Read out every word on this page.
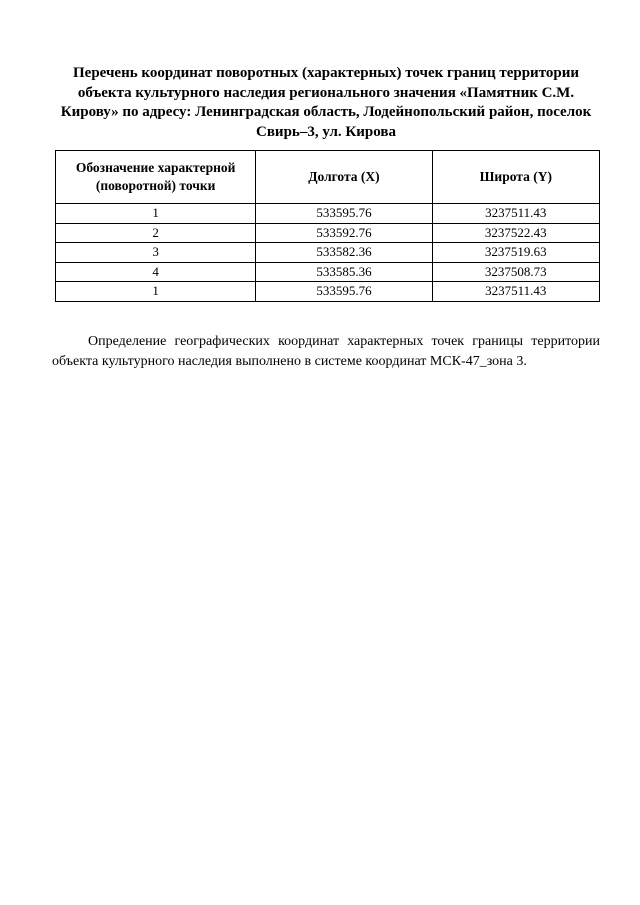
Перечень координат поворотных (характерных) точек границ территории
объекта культурного наследия регионального значения «Памятник С.М.
Кирову» по адресу: Ленинградская область, Лодейнопольский район, поселок
Свирь–3, ул. Кирова
Обозначение характерной (поворотной) точки	Долгота (X)	Широта (Y)
1	533595.76	3237511.43
2	533592.76	3237522.43
3	533582.36	3237519.63
4	533585.36	3237508.73
1	533595.76	3237511.43

Определение географических координат характерных точек границы территории объекта культурного наследия выполнено в системе координат МСК-47_зона 3.
